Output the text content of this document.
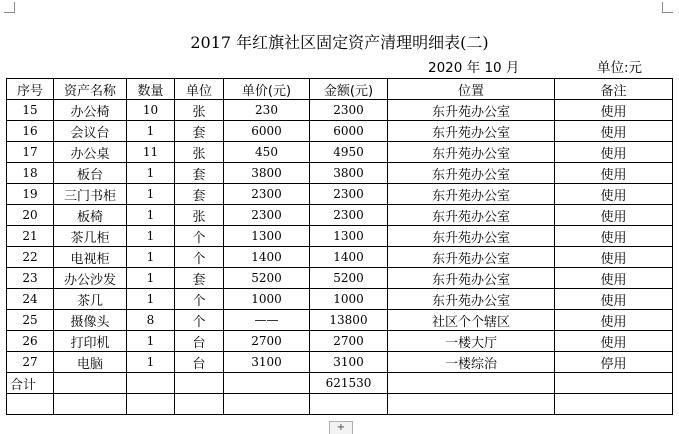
2017 年红旗社区固定资产清理明细表(二)
2020 年 10 月	单位:元
序号	资产名称	数量	单位	单价(元)	金额(元)	位置	备注
15	办公椅	10	张	230	2300	东升苑办公室	使用
16	会议台	1	套	6000	6000	东升苑办公室	使用
17	办公桌	11	张	450	4950	东升苑办公室	使用
18	板台	1	套	3800	3800	东升苑办公室	使用
19	三门书柜	1	套	2300	2300	东升苑办公室	使用
20	板椅	1	张	2300	2300	东升苑办公室	使用
21	茶几柜	1	个	1300	1300	东升苑办公室	使用
22	电视柜	1	个	1400	1400	东升苑办公室	使用
23	办公沙发	1	套	5200	5200	东升苑办公室	使用
24	茶几	1	个	1000	1000	东升苑办公室	使用
25	摄像头	8	个	——	13800	社区个个辖区	使用
26	打印机	1	台	2700	2700	一楼大厅	使用
27	电脑	1	台	3100	3100	一楼综治	停用
合计					621530		

+
